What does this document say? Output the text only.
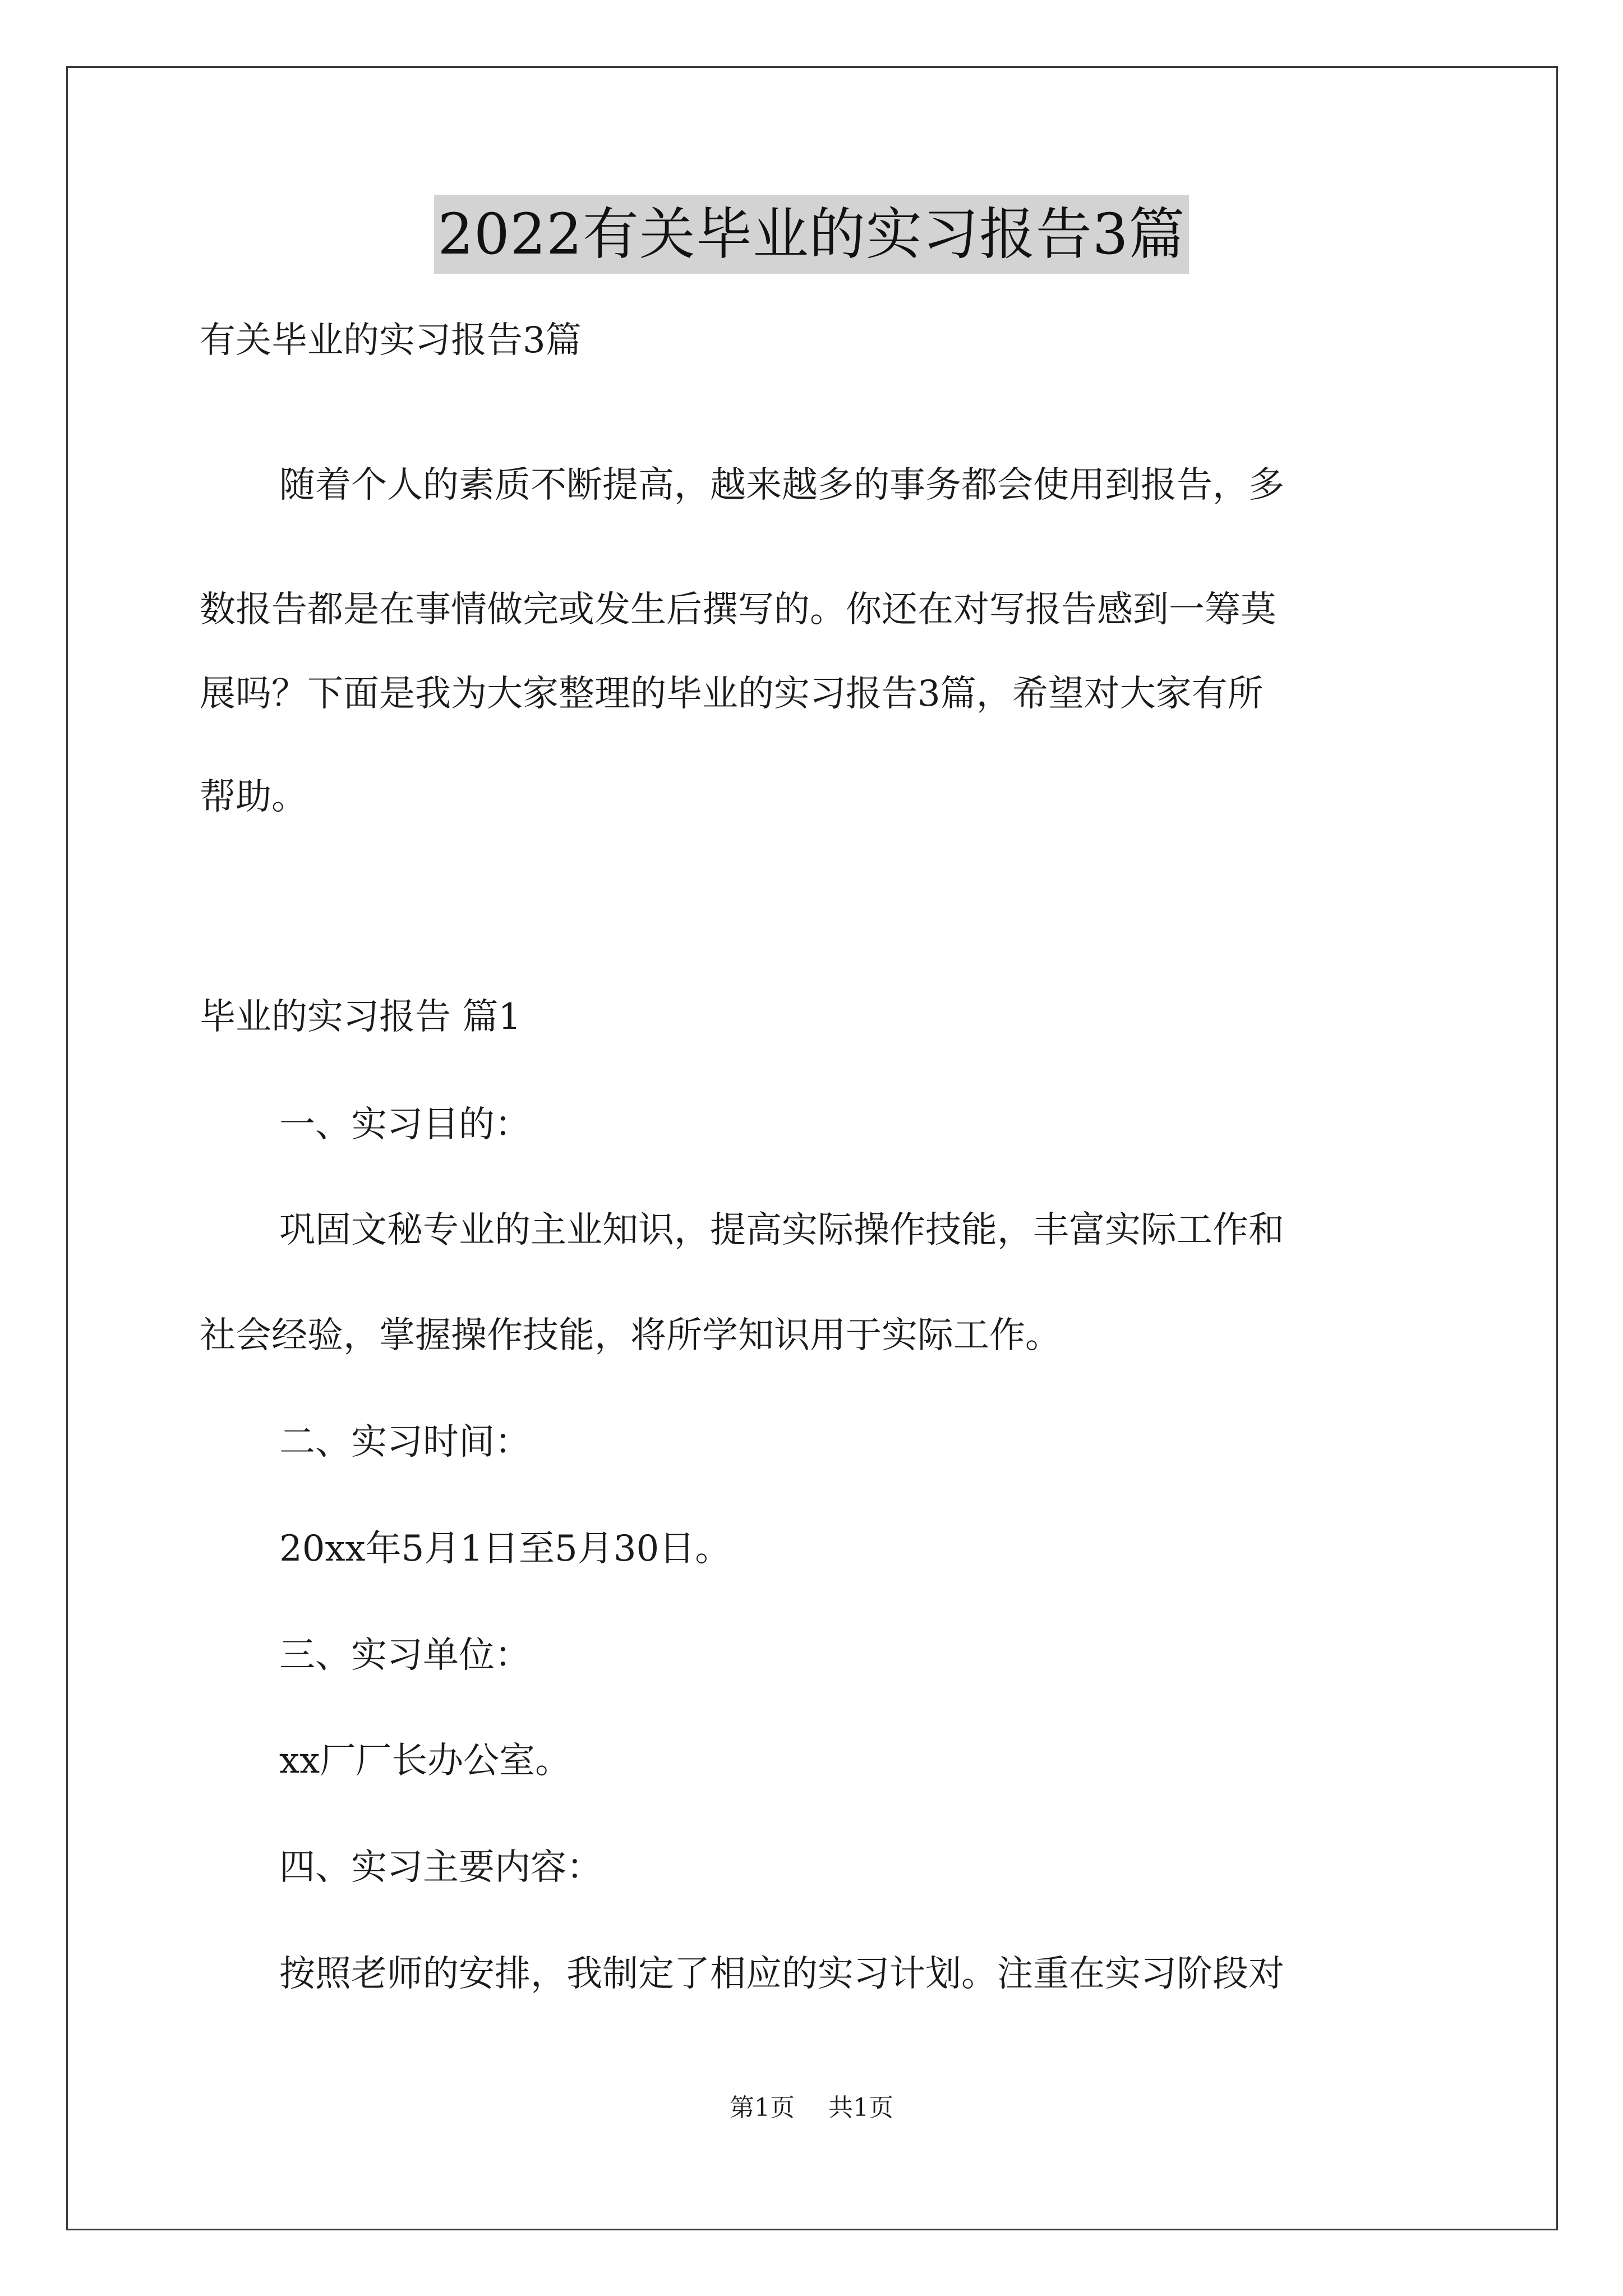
2022有关毕业的实习报告3篇
有关毕业的实习报告3篇
随着个人的素质不断提高，越来越多的事务都会使用到报告，多
数报告都是在事情做完或发生后撰写的。你还在对写报告感到一筹莫
展吗？下面是我为大家整理的毕业的实习报告3篇，希望对大家有所
帮助。
毕业的实习报告 篇1
一、实习目的：
巩固文秘专业的主业知识，提高实际操作技能，丰富实际工作和
社会经验，掌握操作技能，将所学知识用于实际工作。
二、实习时间：
20xx年5月1日至5月30日。
三、实习单位：
xx厂厂长办公室。
四、实习主要内容：
按照老师的安排，我制定了相应的实习计划。注重在实习阶段对
第1页 共1页
